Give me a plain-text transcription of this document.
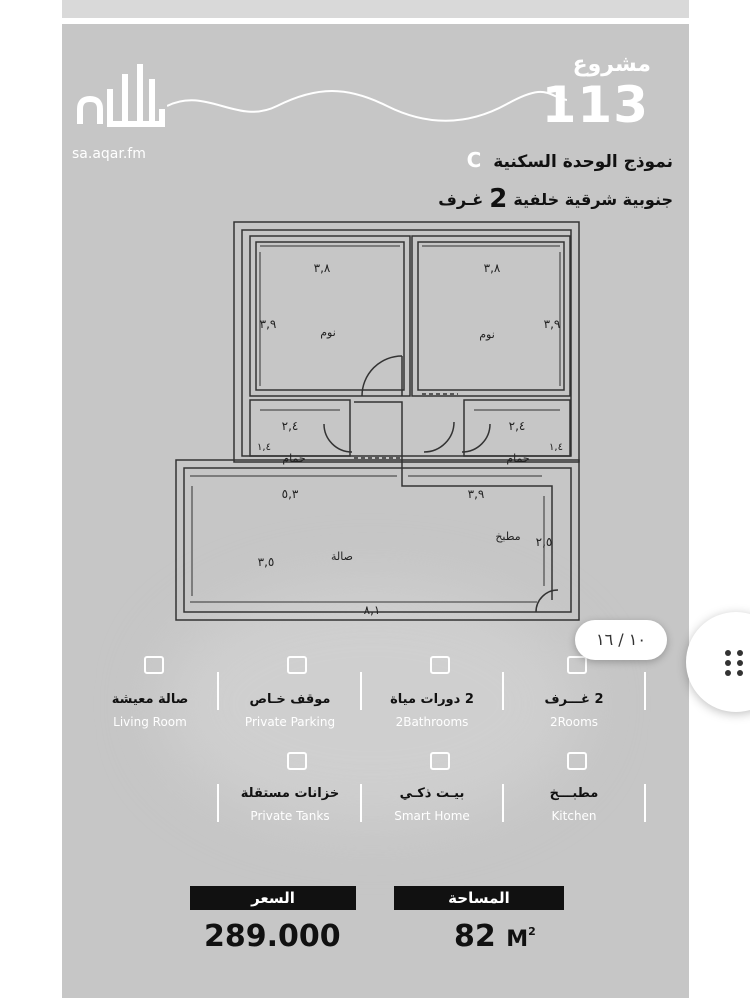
sa.aqar.fm
مشروع
113
نموذج الوحدة السكنية C
جنوبية شرقية خلفية
2
غـرف
٣,٨	٣,٨
٣,٩	٣,٩
نوم	نوم
٢,٤	٢,٤
١,٤	١,٤
حمام	حمام
٥,٣	٣,٩
٣,٥
٢,٥
٨,١
صالة
مطبخ
2 غـــرف
2Rooms
2 دورات مياة
2Bathrooms
موقف خـاص
Private Parking
صالة معيشة
Living Room
مطبـــخ
Kitchen
بيـت ذكـي
Smart Home
خزانات مستقلة
Private Tanks
المساحة
السعر
82 $M^2$
289.000
١٠ / ١٦
